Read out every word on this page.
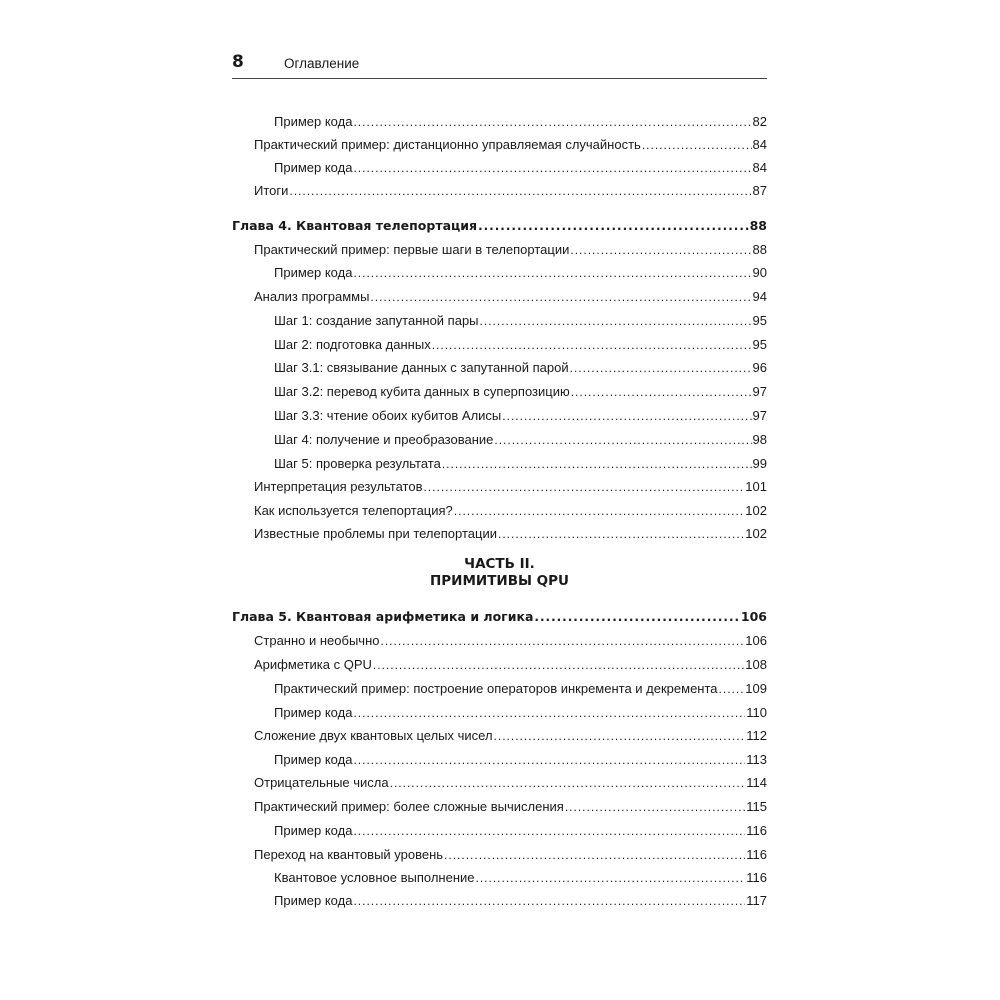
8	Оглавление
Пример кода .....	82
Практический пример: дистанционно управляемая случайность .....	84
Пример кода .....	84
Итоги .....	87
Глава 4. Квантовая телепортация .....	88
Практический пример: первые шаги в телепортации .....	88
Пример кода .....	90
Анализ программы .....	94
Шаг 1: создание запутанной пары .....	95
Шаг 2: подготовка данных .....	95
Шаг 3.1: связывание данных с запутанной парой .....	96
Шаг 3.2: перевод кубита данных в суперпозицию .....	97
Шаг 3.3: чтение обоих кубитов Алисы .....	97
Шаг 4: получение и преобразование .....	98
Шаг 5: проверка результата .....	99
Интерпретация результатов .....	101
Как используется телепортация? .....	102
Известные проблемы при телепортации .....	102
ЧАСТЬ II.
ПРИМИТИВЫ QPU
Глава 5. Квантовая арифметика и логика .....	106
Странно и необычно .....	106
Арифметика с QPU .....	108
Практический пример: построение операторов инкремента и декремента ..... 109
Пример кода .....	110
Сложение двух квантовых целых чисел .....	112
Пример кода .....	113
Отрицательные числа .....	114
Практический пример: более сложные вычисления .....	115
Пример кода .....	116
Переход на квантовый уровень .....	116
Квантовое условное выполнение .....	116
Пример кода .....	117
